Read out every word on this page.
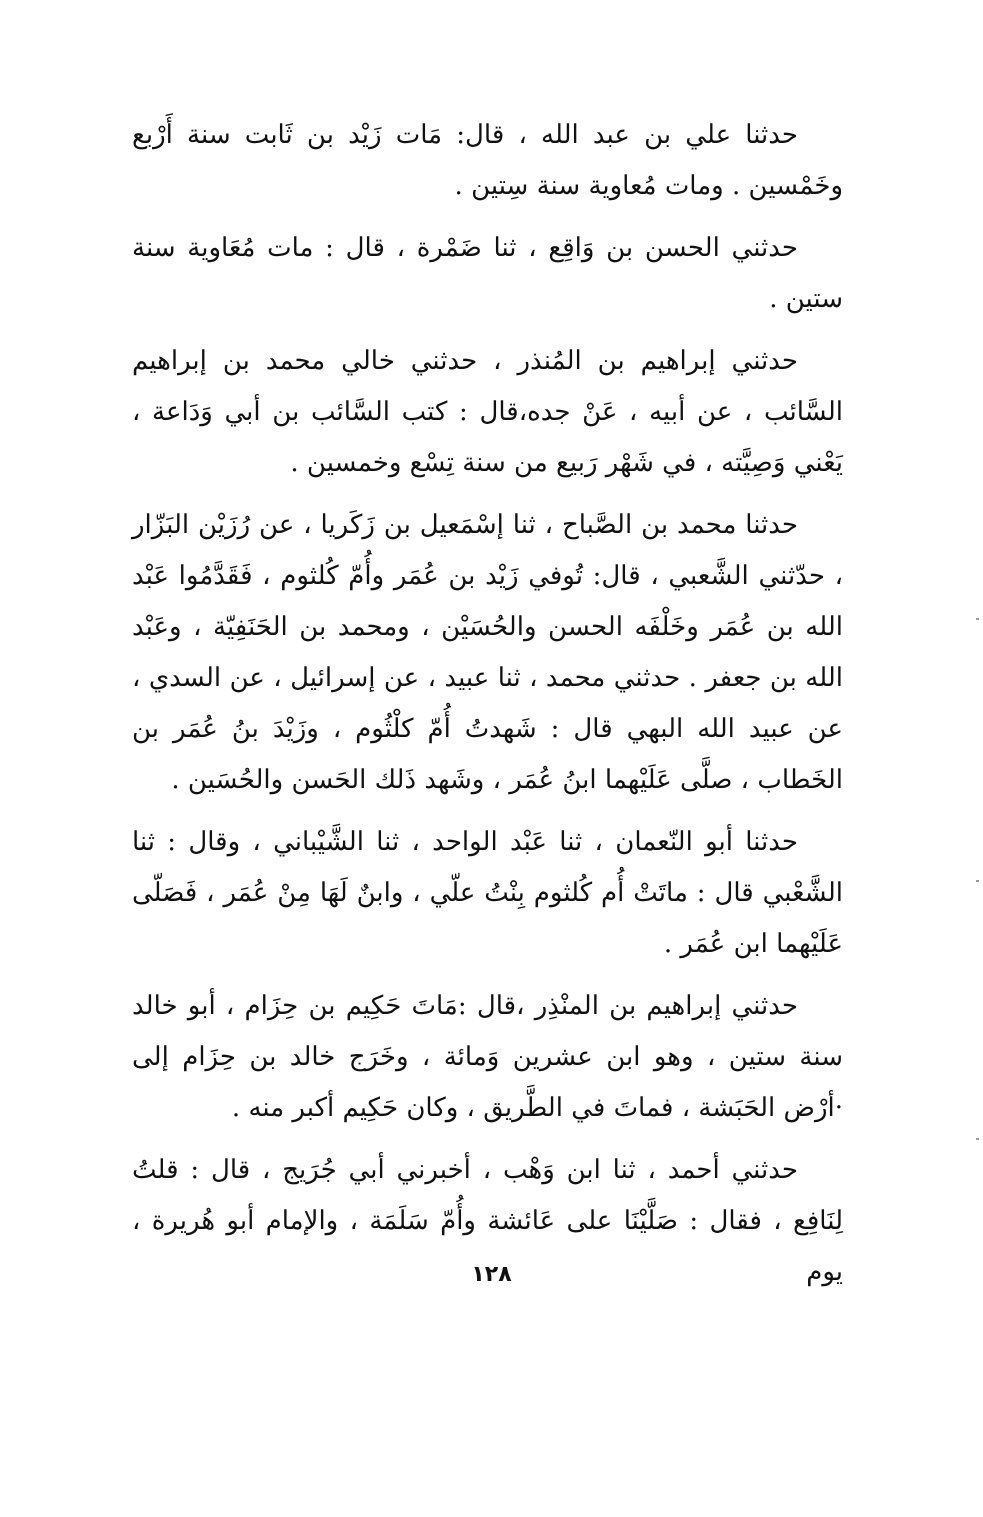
حدثنا علي بن عبد الله ، قال: مَات زَيْد بن ثَابت سنة أَرْبع وخَمْسين . ومات مُعاوية سنة سِتين .

حدثني الحسن بن وَاقِع ، ثنا ضَمْرة ، قال : مات مُعَاوية سنة ستين .

حدثني إبراهيم بن المُنذر ، حدثني خالي محمد بن إبراهيم السَّائب ، عن أبيه ، عَنْ جده،قال : كتب السَّائب بن أبي وَدَاعة ، يَعْني وَصِيَّته ، في شَهْر رَبيع من سنة تِسْع وخمسين .

حدثنا محمد بن الصَّباح ، ثنا إسْمَعيل بن زَكَريا ، عن رُزَيْن البَزّار ، حدّثني الشَّعبي ، قال: تُوفي زَيْد بن عُمَر وأُمّ كُلثوم ، فَقَدَّمُوا عَبْد الله بن عُمَر وخَلْفَه الحسن والحُسَيْن ، ومحمد بن الحَنَفِيّة ، وعَبْد الله بن جعفر . حدثني محمد ، ثنا عبيد ، عن إسرائيل ، عن السدي ، عن عبيد الله البهي قال : شَهدتُ أُمّ كلْثُوم ، وزَيْدَ بنُ عُمَر بن الخَطاب ، صلَّى عَلَيْهما ابنُ عُمَر ، وشَهد ذَلك الحَسن والحُسَين .

حدثنا أبو النّعمان ، ثنا عَبْد الواحد ، ثنا الشَّيْباني ، وقال : ثنا الشَّعْبي قال : ماتَتْ أُم كُلثوم بِنْتُ علّي ، وابنٌ لَهَا مِنْ عُمَر ، فَصَلّى عَلَيْهما ابن عُمَر .

حدثني إبراهيم بن المنْذِر ،قال :مَاتَ حَكِيم بن حِزَام ، أبو خالد سنة ستين ، وهو ابن عشرين وَمائة ، وخَرَج خالد بن حِزَام إلى ·أرْض الحَبَشة ، فماتَ في الطَّريق ، وكان حَكِيم أكبر منه .

حدثني أحمد ، ثنا ابن وَهْب ، أخبرني أبي جُرَيج ، قال : قلتُ لِنَافِع ، فقال : صَلَّيْنَا على عَائشة وأُمّ سَلَمَة ، والإمام أبو هُريرة ، يوم

١٢٨
